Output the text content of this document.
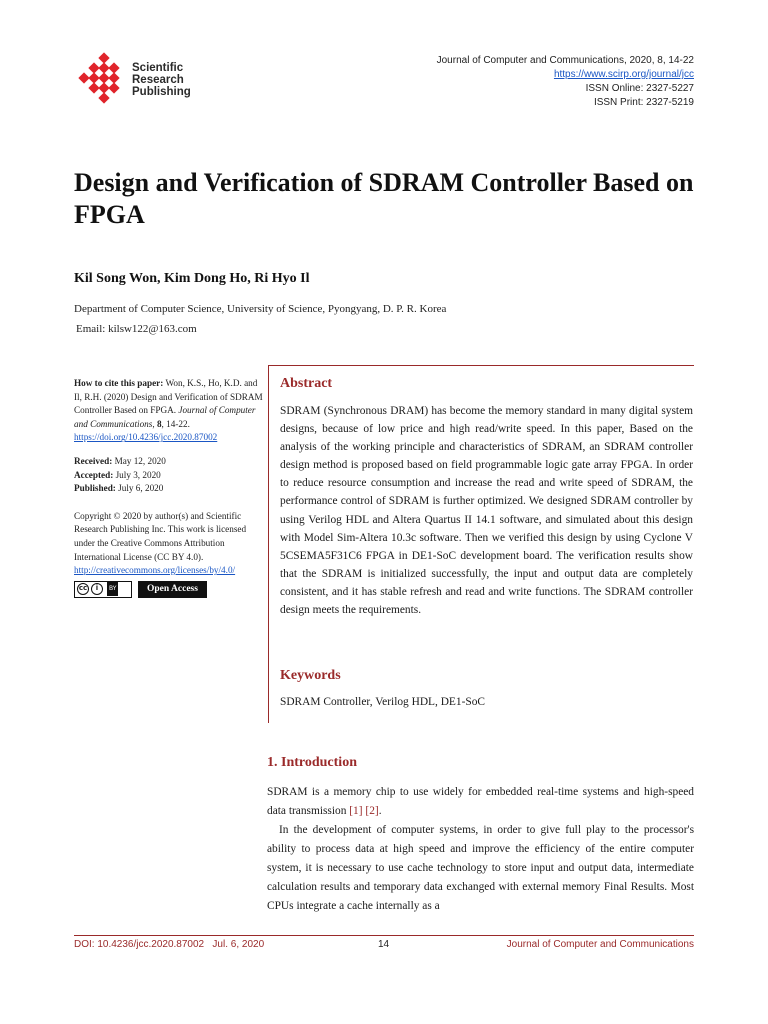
Scientific
Research
Publishing
Journal of Computer and Communications, 2020, 8, 14-22
https://www.scirp.org/journal/jcc
ISSN Online: 2327-5227
ISSN Print: 2327-5219
Design and Verification of SDRAM Controller Based on FPGA
Kil Song Won, Kim Dong Ho, Ri Hyo Il
Department of Computer Science, University of Science, Pyongyang, D. P. R. Korea
Email: kilsw122@163.com

How to cite this paper: Won, K.S., Ho, K.D. and Il, R.H. (2020) Design and Verification of SDRAM Controller Based on FPGA. Journal of Computer and Communications, 8, 14-22.

https://doi.org/10.4236/jcc.2020.87002

Received: May 12, 2020

Accepted: July 3, 2020

Published: July 6, 2020

Copyright © 2020 by author(s) and Scientific Research Publishing Inc. This work is licensed under the Creative Commons Attribution International License (CC BY 4.0).

http://creativecommons.org/licenses/by/4.0/

cc	i	BY	Open Access
Abstract
SDRAM (Synchronous DRAM) has become the memory standard in many digital system designs, because of low price and high read/write speed. In this paper, Based on the analysis of the working principle and characteristics of SDRAM, an SDRAM controller design method is proposed based on field programmable logic gate array FPGA. In order to reduce resource consumption and increase the read and write speed of SDRAM, the performance control of SDRAM is further optimized. We designed SDRAM controller by using Verilog HDL and Altera Quartus II 14.1 software, and simulated about this design with Model Sim-Altera 10.3c software. Then we verified this design by using Cyclone V 5CSEMA5F31C6 FPGA in DE1-SoC development board. The verification results show that the SDRAM is initialized successfully, the input and output data are completely consistent, and it has stable refresh and read and write functions. The SDRAM controller design meets the requirements.
Keywords
SDRAM Controller, Verilog HDL, DE1-SoC
1. Introduction

SDRAM is a memory chip to use widely for embedded real-time systems and high-speed data transmission [1] [2].

In the development of computer systems, in order to give full play to the processor's ability to process data at high speed and improve the efficiency of the entire computer system, it is necessary to use cache technology to store input and output data, intermediate calculation results and temporary data exchanged with external memory Final Results. Most CPUs integrate a cache internally as a

DOI: 10.4236/jcc.2020.87002   Jul. 6, 2020	14	Journal of Computer and Communications
